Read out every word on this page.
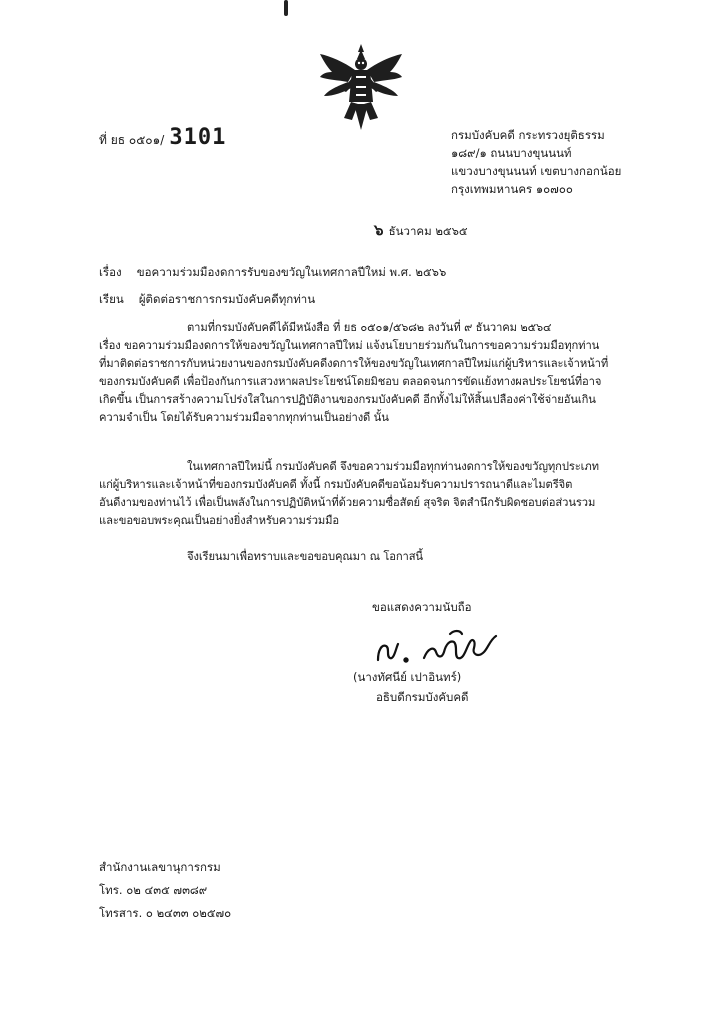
ที่ ยธ ๐๕๐๑/ 3101	กรมบังคับคดี กระทรวงยุติธรรม
๑๘๙/๑ ถนนบางขุนนนท์
แขวงบางขุนนนท์ เขตบางกอกน้อย
กรุงเทพมหานคร ๑๐๗๐๐
๖ ธันวาคม ๒๕๖๕
เรื่อง ขอความร่วมมืองดการรับของขวัญในเทศกาลปีใหม่ พ.ศ. ๒๕๖๖
เรียน ผู้ติดต่อราชการกรมบังคับคดีทุกท่าน
ตามที่กรมบังคับคดีได้มีหนังสือ ที่ ยธ ๐๕๐๑/๕๖๘๒ ลงวันที่ ๙ ธันวาคม ๒๕๖๔
เรื่อง ขอความร่วมมืองดการให้ของขวัญในเทศกาลปีใหม่ แจ้งนโยบายร่วมกันในการขอความร่วมมือทุกท่าน
ที่มาติดต่อราชการกับหน่วยงานของกรมบังคับคดีงดการให้ของขวัญในเทศกาลปีใหม่แก่ผู้บริหารและเจ้าหน้าที่
ของกรมบังคับคดี เพื่อป้องกันการแสวงหาผลประโยชน์โดยมิชอบ ตลอดจนการขัดแย้งทางผลประโยชน์ที่อาจ
เกิดขึ้น เป็นการสร้างความโปร่งใสในการปฏิบัติงานของกรมบังคับคดี อีกทั้งไม่ให้สิ้นเปลืองค่าใช้จ่ายอันเกิน
ความจำเป็น โดยได้รับความร่วมมือจากทุกท่านเป็นอย่างดี นั้น
ในเทศกาลปีใหม่นี้ กรมบังคับคดี จึงขอความร่วมมือทุกท่านงดการให้ของขวัญทุกประเภท
แก่ผู้บริหารและเจ้าหน้าที่ของกรมบังคับคดี ทั้งนี้ กรมบังคับคดีขอน้อมรับความปรารถนาดีและไมตรีจิต
อันดีงามของท่านไว้ เพื่อเป็นพลังในการปฏิบัติหน้าที่ด้วยความซื่อสัตย์ สุจริต จิตสำนึกรับผิดชอบต่อส่วนรวม
และขอขอบพระคุณเป็นอย่างยิ่งสำหรับความร่วมมือ
จึงเรียนมาเพื่อทราบและขอขอบคุณมา ณ โอกาสนี้
ขอแสดงความนับถือ
(นางทัศนีย์ เปาอินทร์)
อธิบดีกรมบังคับคดี
สำนักงานเลขานุการกรม
โทร. ๐๒ ๔๓๕ ๗๓๘๙
โทรสาร. ๐ ๒๔๓๓ ๐๒๕๗๐
